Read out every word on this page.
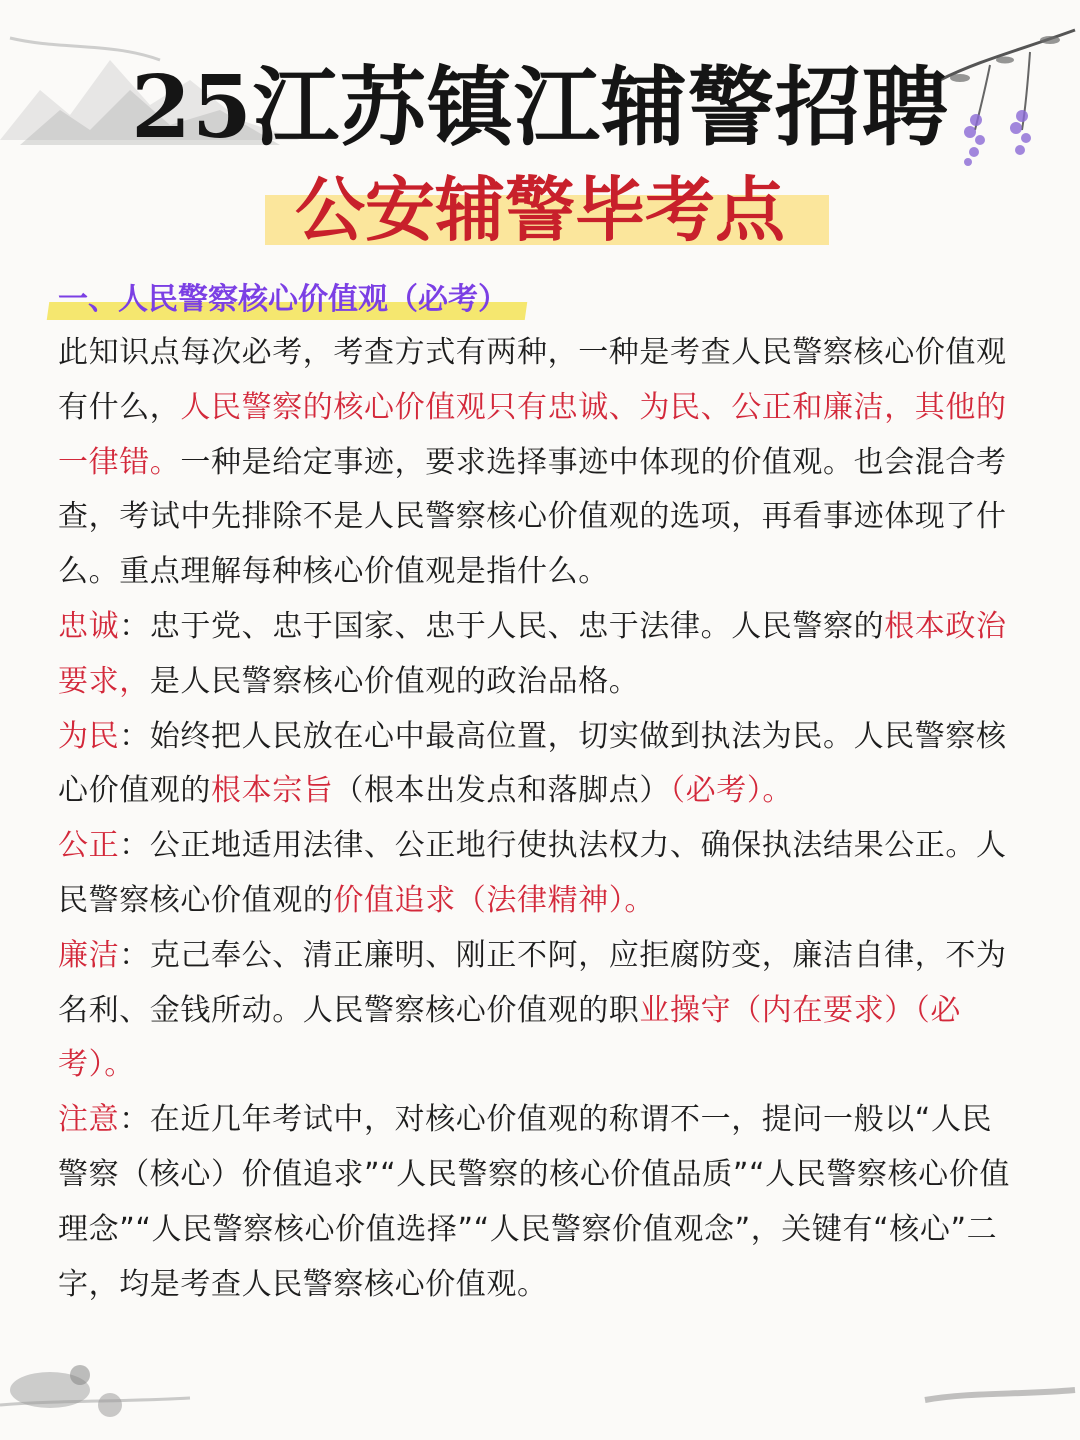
25江苏镇江辅警招聘
公安辅警毕考点
一、人民警察核心价值观（必考）

此知识点每次必考，考查方式有两种，一种是考查人民警察核心价值观有什么，人民警察的核心价值观只有忠诚、为民、公正和廉洁，其他的一律错。一种是给定事迹，要求选择事迹中体现的价值观。也会混合考查，考试中先排除不是人民警察核心价值观的选项，再看事迹体现了什么。重点理解每种核心价值观是指什么。

忠诚：忠于党、忠于国家、忠于人民、忠于法律。人民警察的根本政治要求，是人民警察核心价值观的政治品格。

为民：始终把人民放在心中最高位置，切实做到执法为民。人民警察核心价值观的根本宗旨（根本出发点和落脚点）（必考）。

公正：公正地适用法律、公正地行使执法权力、确保执法结果公正。人民警察核心价值观的价值追求（法律精神）。

廉洁：克己奉公、清正廉明、刚正不阿，应拒腐防变，廉洁自律，不为名利、金钱所动。人民警察核心价值观的职业操守（内在要求）（必考）。

注意：在近几年考试中，对核心价值观的称谓不一，提问一般以“人民警察（核心）价值追求”“人民警察的核心价值品质”“人民警察核心价值理念”“人民警察核心价值选择”“人民警察价值观念”，关键有“核心”二字，均是考查人民警察核心价值观。
